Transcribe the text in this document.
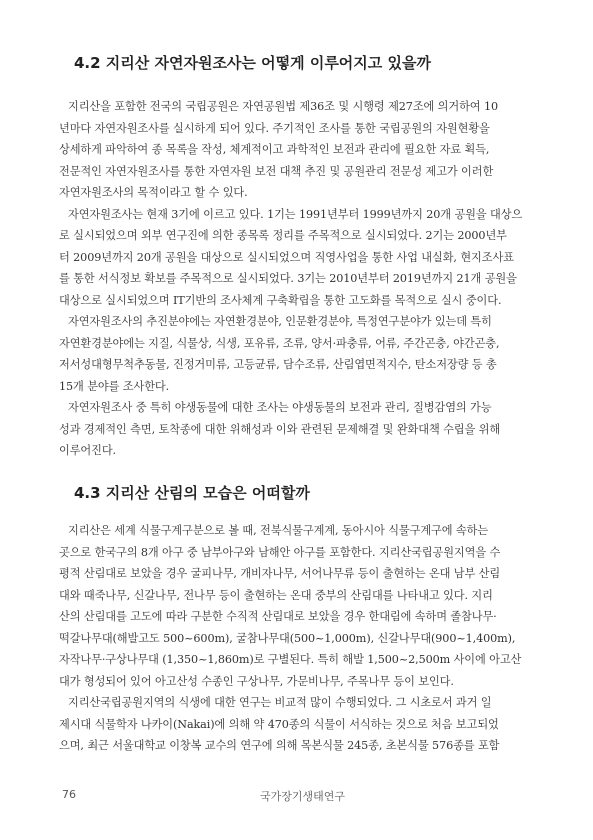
4.2 지리산 자연자원조사는 어떻게 이루어지고 있을까
지리산을 포함한 전국의 국립공원은 자연공원법 제36조 및 시행령 제27조에 의거하여 10
년마다 자연자원조사를 실시하게 되어 있다. 주기적인 조사를 통한 국립공원의 자원현황을
상세하게 파악하여 종 목록을 작성, 체계적이고 과학적인 보전과 관리에 필요한 자료 획득,
전문적인 자연자원조사를 통한 자연자원 보전 대책 추진 및 공원관리 전문성 제고가 이러한
자연자원조사의 목적이라고 할 수 있다.
자연자원조사는 현재 3기에 이르고 있다. 1기는 1991년부터 1999년까지 20개 공원을 대상으
로 실시되었으며 외부 연구진에 의한 종목록 정리를 주목적으로 실시되었다. 2기는 2000년부
터 2009년까지 20개 공원을 대상으로 실시되었으며 직영사업을 통한 사업 내실화, 현지조사표
를 통한 서식정보 확보를 주목적으로 실시되었다. 3기는 2010년부터 2019년까지 21개 공원을
대상으로 실시되었으며 IT기반의 조사체계 구축확립을 통한 고도화를 목적으로 실시 중이다.
자연자원조사의 추진분야에는 자연환경분야, 인문환경분야, 특정연구분야가 있는데 특히
자연환경분야에는 지질, 식물상, 식생, 포유류, 조류, 양서·파충류, 어류, 주간곤충, 야간곤충,
저서성대형무척추동물, 진정거미류, 고등균류, 담수조류, 산림엽면적지수, 탄소저장량 등 총
15개 분야를 조사한다.
자연자원조사 중 특히 야생동물에 대한 조사는 야생동물의 보전과 관리, 질병감염의 가능
성과 경제적인 측면, 토착종에 대한 위해성과 이와 관련된 문제해결 및 완화대책 수립을 위해
이루어진다.
4.3 지리산 산림의 모습은 어떠할까
지리산은 세계 식물구계구분으로 볼 때, 전북식물구계계, 동아시아 식물구계구에 속하는
곳으로 한국구의 8개 아구 중 남부아구와 남해안 아구를 포함한다. 지리산국립공원지역을 수
평적 산림대로 보았을 경우 굴피나무, 개비자나무, 서어나무류 등이 출현하는 온대 남부 산림
대와 때죽나무, 신갈나무, 전나무 등이 출현하는 온대 중부의 산림대를 나타내고 있다. 지리
산의 산림대를 고도에 따라 구분한 수직적 산림대로 보았을 경우 한대림에 속하며 졸참나무·
떡갈나무대(해발고도 500~600m), 굴참나무대(500~1,000m), 신갈나무대(900~1,400m),
자작나무·구상나무대 (1,350~1,860m)로 구별된다. 특히 해발 1,500~2,500m 사이에 아고산
대가 형성되어 있어 아고산성 수종인 구상나무, 가문비나무, 주목나무 등이 보인다.
지리산국립공원지역의 식생에 대한 연구는 비교적 많이 수행되었다. 그 시초로서 과거 일
제시대 식물학자 나카이(Nakai)에 의해 약 470종의 식물이 서식하는 것으로 처음 보고되었
으며, 최근 서울대학교 이창복 교수의 연구에 의해 목본식물 245종, 초본식물 576종를 포함
76	국가장기생태연구
